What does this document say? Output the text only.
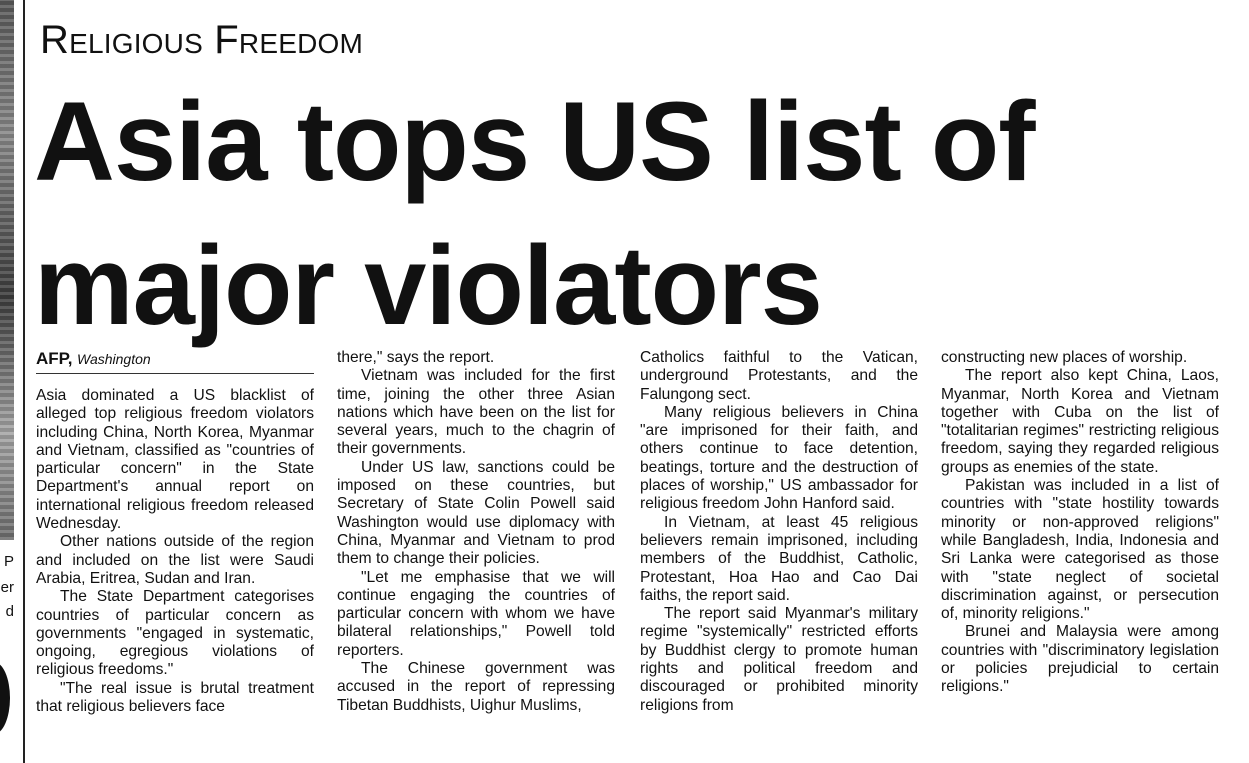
P
er
d
Religious Freedom
Asia tops US list of major violators
AFP, Washington

Asia dominated a US blacklist of alleged top religious freedom violators including China, North Korea, Myanmar and Vietnam, classified as "countries of particular concern" in the State Department's annual report on international religious freedom released Wednesday.

Other nations outside of the region and included on the list were Saudi Arabia, Eritrea, Sudan and Iran.

The State Department categorises countries of particular concern as governments "engaged in systematic, ongoing, egregious violations of religious freedoms."

"The real issue is brutal treatment that religious believers face

there," says the report.

Vietnam was included for the first time, joining the other three Asian nations which have been on the list for several years, much to the chagrin of their governments.

Under US law, sanctions could be imposed on these countries, but Secretary of State Colin Powell said Washington would use diplomacy with China, Myanmar and Vietnam to prod them to change their policies.

"Let me emphasise that we will continue engaging the countries of particular concern with whom we have bilateral relationships," Powell told reporters.

The Chinese government was accused in the report of repressing Tibetan Buddhists, Uighur Muslims,

Catholics faithful to the Vatican, underground Protestants, and the Falungong sect.

Many religious believers in China "are imprisoned for their faith, and others continue to face detention, beatings, torture and the destruction of places of worship," US ambassador for religious freedom John Hanford said.

In Vietnam, at least 45 religious believers remain imprisoned, including members of the Buddhist, Catholic, Protestant, Hoa Hao and Cao Dai faiths, the report said.

The report said Myanmar's military regime "systemically" restricted efforts by Buddhist clergy to promote human rights and political freedom and discouraged or prohibited minority religions from

constructing new places of worship.

The report also kept China, Laos, Myanmar, North Korea and Vietnam together with Cuba on the list of "totalitarian regimes" restricting religious freedom, saying they regarded religious groups as enemies of the state.

Pakistan was included in a list of countries with "state hostility towards minority or non-approved religions" while Bangladesh, India, Indonesia and Sri Lanka were categorised as those with "state neglect of societal discrimination against, or persecution of, minority religions."

Brunei and Malaysia were among countries with "discriminatory legislation or policies prejudicial to certain religions."
